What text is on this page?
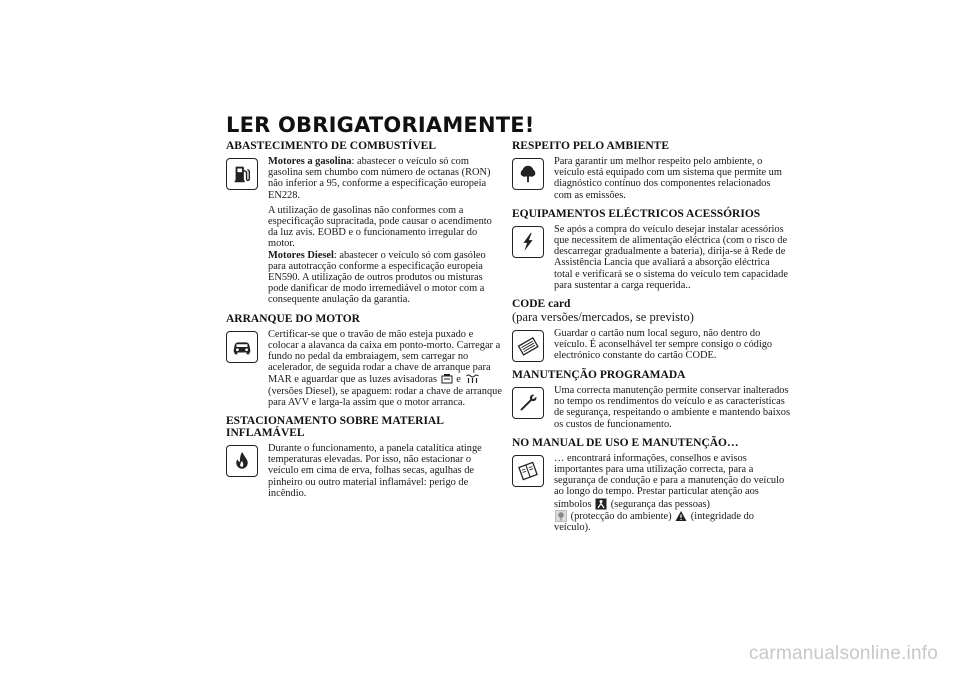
LER OBRIGATORIAMENTE!
ABASTECIMENTO DE COMBUSTÍVEL

Motores a gasolina: abastecer o veículo só com gasolina sem chumbo com número de octanas (RON) não inferior a 95, conforme a especificação europeia EN228.

A utilização de gasolinas não conformes com a especificação supracitada, pode causar o acendimento da luz avis. EOBD e o funcionamento irregular do motor.

Motores Diesel: abastecer o veículo só com gasóleo para autotracção conforme a especificação europeia EN590. A utilização de outros produtos ou misturas pode danificar de modo irremediável o motor com a consequente anulação da garantia.

ARRANQUE DO MOTOR

Certificar-se que o travão de mão esteja puxado e colocar a alavanca da caixa em ponto-morto. Carregar a fundo no pedal da embraiagem, sem carregar no acelerador, de seguida rodar a chave de arranque para MAR e aguardar que as luzes avisadoras e  (versões Diesel), se apaguem: rodar a chave de arranque para AVV e larga-la assim que o motor arranca.

ESTACIONAMENTO SOBRE MATERIAL INFLAMÁVEL

Durante o funcionamento, a panela catalítica atinge temperaturas elevadas. Por isso, não estacionar o veículo em cima de erva, folhas secas, agulhas de pinheiro ou outro material inflamável: perigo de incêndio.

RESPEITO PELO AMBIENTE

Para garantir um melhor respeito pelo ambiente, o veículo está equipado com um sistema que permite um diagnóstico contínuo dos componentes relacionados com as emissões.

EQUIPAMENTOS ELÉCTRICOS ACESSÓRIOS

Se após a compra do veículo desejar instalar acessórios que necessitem de alimentação eléctrica (com o risco de descarregar gradualmente a bateria), dirija-se à Rede de Assistência Lancia que avaliará a absorção eléctrica total e verificará se o sistema do veículo tem capacidade para sustentar a carga requerida..

CODE card
(para versões/mercados, se previsto)

Guardar o cartão num local seguro, não dentro do veículo. É aconselhável ter sempre consigo o código electrónico constante do cartão CODE.

MANUTENÇÃO PROGRAMADA

Uma correcta manutenção permite conservar inalterados no tempo os rendimentos do veículo e as características de segurança, respeitando o ambiente e mantendo baixos os custos de funcionamento.

NO MANUAL DE USO E MANUTENÇÃO…

… encontrará informações, conselhos e avisos importantes para uma utilização correcta, para a segurança de condução e para a manutenção do veículo ao longo do tempo. Prestar particular atenção aos símbolos (segurança das pessoas)
(protecção do ambiente) (integridade do veículo).

carmanualsonline.info
